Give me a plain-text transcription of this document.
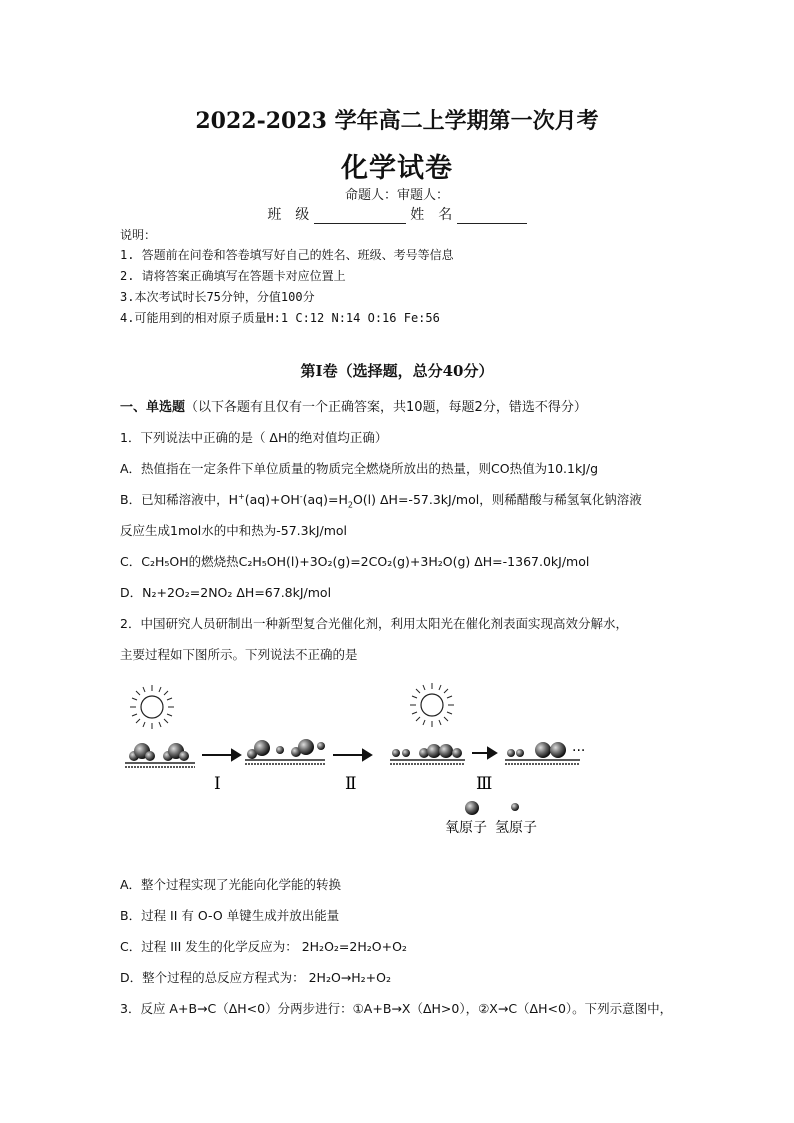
2022-2023 学年高二上学期第一次月考
化学试卷
命题人：审题人：
班　级	姓　名
说明：
1. 答题前在问卷和答卷填写好自己的姓名、班级、考号等信息
2. 请将答案正确填写在答题卡对应位置上
3.本次考试时长75分钟，分值100分
4.可能用到的相对原子质量H:1 C:12 N:14 O:16 Fe:56
第Ⅰ卷（选择题，总分40分）
一、单选题（以下各题有且仅有一个正确答案，共10题，每题2分，错选不得分）
1．下列说法中正确的是（ ΔH的绝对值均正确）
A．热值指在一定条件下单位质量的物质完全燃烧所放出的热量，则CO热值为10.1kJ/g
B．已知稀溶液中，$H^+(aq)+OH^-(aq)=H_2O(l)$ ΔH=-57.3kJ/mol，则稀醋酸与稀氢氧化钠溶液
反应生成1mol水的中和热为-57.3kJ/mol
C．C₂H₅OH的燃烧热C₂H₅OH(l)+3O₂(g)=2CO₂(g)+3H₂O(g) ΔH=-1367.0kJ/mol
D．N₂+2O₂=2NO₂ ΔH=67.8kJ/mol
2．中国研究人员研制出一种新型复合光催化剂，利用太阳光在催化剂表面实现高效分解水，
主要过程如下图所示。下列说法不正确的是
···
Ⅰ	Ⅱ	Ⅲ
氧原子 氢原子
A．整个过程实现了光能向化学能的转换
B．过程 II 有 O-O 单键生成并放出能量
C．过程 III 发生的化学反应为： 2H₂O₂=2H₂O+O₂
D．整个过程的总反应方程式为： 2H₂O→H₂+O₂
3．反应 A+B→C（ΔH<0）分两步进行：①A+B→X（ΔH>0），②X→C（ΔH<0）。下列示意图中，
